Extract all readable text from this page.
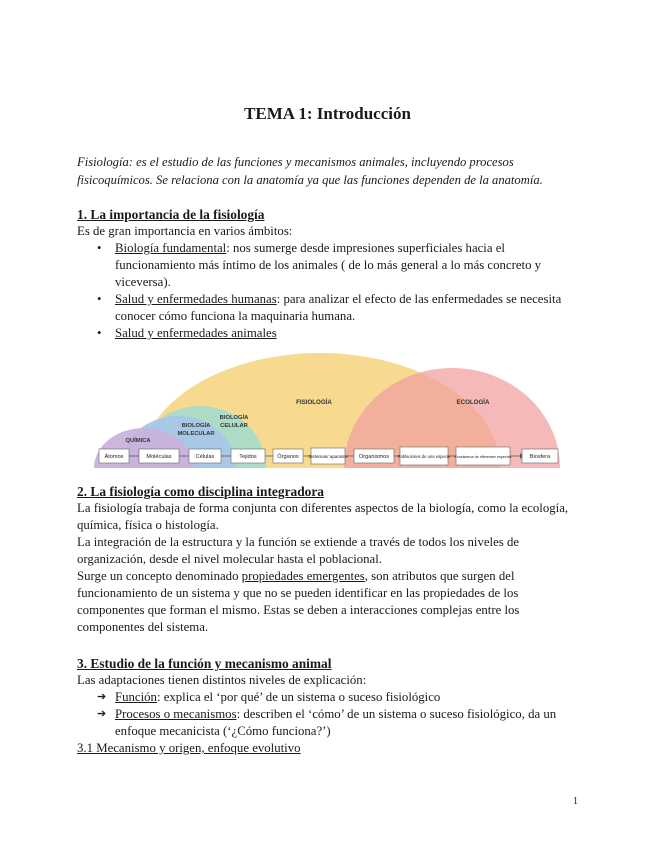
TEMA 1: Introducción
Fisiología: es el estudio de las funciones y mecanismos animales, incluyendo procesos fisicoquímicos. Se relaciona con la anatomía ya que las funciones dependen de la anatomía.
1. La importancia de la fisiología
Es de gran importancia en varios ámbitos:
• Biología fundamental: nos sumerge desde impresiones superficiales hacia el funcionamiento más íntimo de los animales ( de lo más general a lo más concreto y viceversa).
• Salud y enfermedades humanas: para analizar el efecto de las enfermedades se necesita conocer cómo funciona la maquinaria humana.
• Salud y enfermedades animales
FISIOLOGÍA	ECOLOGÍA
BIOLOGÍA
CELULAR
BIOLOGÍA
MOLECULAR
QUÍMICA
Átomos	Moléculas	Células	Tejidos	Órganos Sistemas/ aparatos Organismos Poblaciones de una especie Ecosistema de diferentes especies	Biosfera
2. La fisiología como disciplina integradora
La fisiología trabaja de forma conjunta con diferentes aspectos de la biología, como la ecología, química, física o histología.
La integración de la estructura y la función se extiende a través de todos los niveles de organización, desde el nivel molecular hasta el poblacional.
Surge un concepto denominado propiedades emergentes, son atributos que surgen del funcionamiento de un sistema y que no se pueden identificar en las propiedades de los componentes que forman el mismo. Estas se deben a interacciones complejas entre los componentes del sistema.
3. Estudio de la función y mecanismo animal
Las adaptaciones tienen distintos niveles de explicación:
➔ Función: explica el ‘por qué’ de un sistema o suceso fisiológico
➔ Procesos o mecanismos: describen el ‘cómo’ de un sistema o suceso fisiológico, da un enfoque mecanicista (‘¿Cómo funciona?’)
3.1 Mecanismo y origen, enfoque evolutivo
1
